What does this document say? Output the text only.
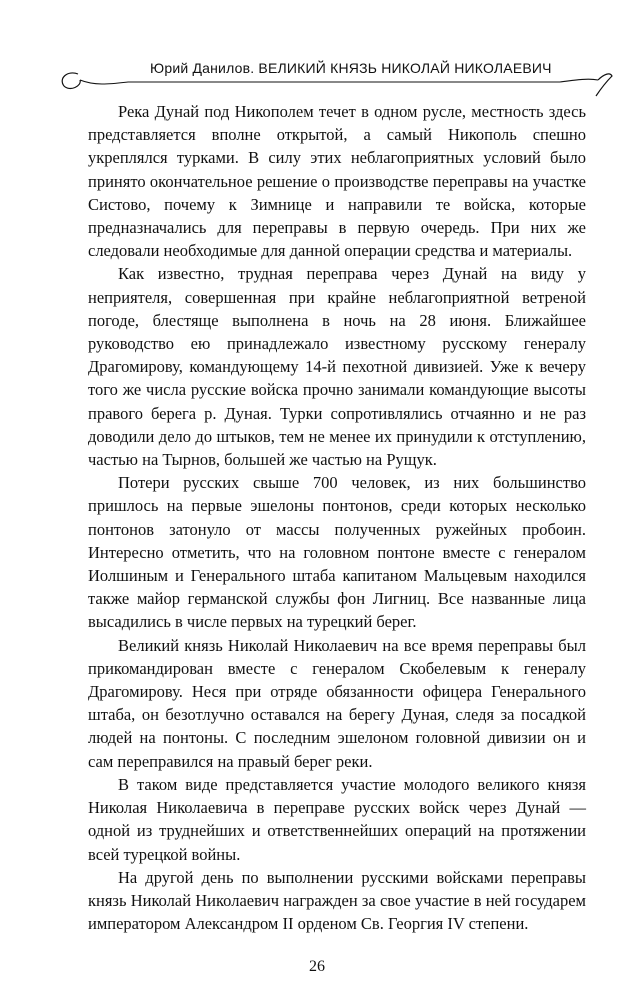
Юрий Данилов. ВЕЛИКИЙ КНЯЗЬ НИКОЛАЙ НИКОЛАЕВИЧ

Река Дунай под Никополем течет в одном русле, местность здесь представляется вполне открытой, а самый Никополь спешно укреплялся турками. В силу этих неблагоприятных условий было принято окончательное решение о производстве переправы на участке Систово, почему к Зимнице и направили те войска, которые предназначались для переправы в первую очередь. При них же следовали необходимые для данной операции средства и материалы.

Как известно, трудная переправа через Дунай на виду у неприятеля, совершенная при крайне неблагоприятной ветреной погоде, блестяще выполнена в ночь на 28 июня. Ближайшее руководство ею принадлежало известному русскому генералу Драгомирову, командующему 14-й пехотной дивизией. Уже к вечеру того же числа русские войска прочно занимали командующие высоты правого берега р. Дуная. Турки сопротивлялись отчаянно и не раз доводили дело до штыков, тем не менее их принудили к отступлению, частью на Тырнов, большей же частью на Рущук.

Потери русских свыше 700 человек, из них большинство пришлось на первые эшелоны понтонов, среди которых несколько понтонов затонуло от массы полученных ружейных пробоин. Интересно отметить, что на головном понтоне вместе с генералом Иолшиным и Генерального штаба капитаном Мальцевым находился также майор германской службы фон Лигниц. Все названные лица высадились в числе первых на турецкий берег.

Великий князь Николай Николаевич на все время переправы был прикомандирован вместе с генералом Скобелевым к генералу Драгомирову. Неся при отряде обязанности офицера Генерального штаба, он безотлучно оставался на берегу Дуная, следя за посадкой людей на понтоны. С последним эшелоном головной дивизии он и сам переправился на правый берег реки.

В таком виде представляется участие молодого великого князя Николая Николаевича в переправе русских войск через Дунай — одной из труднейших и ответственнейших операций на протяжении всей турецкой войны.

На другой день по выполнении русскими войсками переправы князь Николай Николаевич награжден за свое участие в ней государем императором Александром II орденом Св. Георгия IV степени.

26
